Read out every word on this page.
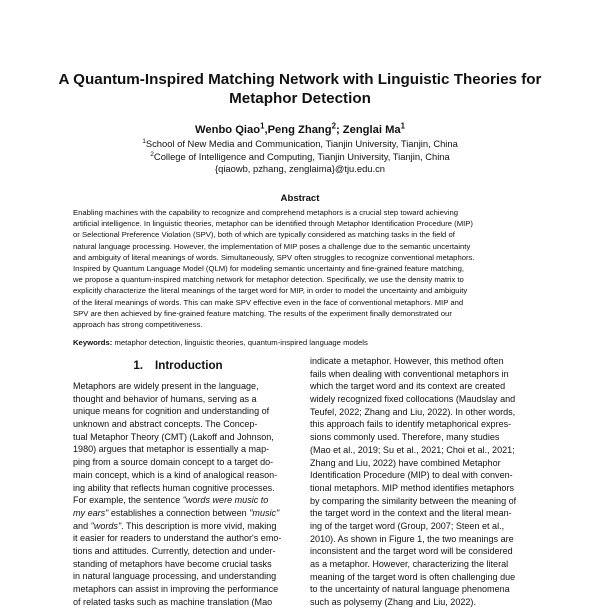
A Quantum-Inspired Matching Network with Linguistic Theories for
Metaphor Detection
Wenbo Qiao$^1$,Peng Zhang$^2$; Zenglai Ma$^1$
$^1$School of New Media and Communication, Tianjin University, Tianjin, China
$^2$College of Intelligence and Computing, Tianjin University, Tianjin, China
{qiaowb, pzhang, zenglaima}@tju.edu.cn
Abstract
Enabling machines with the capability to recognize and comprehend metaphors is a crucial step toward achieving
artificial intelligence. In linguistic theories, metaphor can be identified through Metaphor Identification Procedure (MIP)
or Selectional Preference Violation (SPV), both of which are typically considered as matching tasks in the field of
natural language processing. However, the implementation of MIP poses a challenge due to the semantic uncertainty
and ambiguity of literal meanings of words. Simultaneously, SPV often struggles to recognize conventional metaphors.
Inspired by Quantum Language Model (QLM) for modeling semantic uncertainty and fine-grained feature matching,
we propose a quantum-inspired matching network for metaphor detection. Specifically, we use the density matrix to
explicitly characterize the literal meanings of the target word for MIP, in order to model the uncertainty and ambiguity
of the literal meanings of words. This can make SPV effective even in the face of conventional metaphors. MIP and
SPV are then achieved by fine-grained feature matching. The results of the experiment finally demonstrated our
approach has strong competitiveness.
Keywords: metaphor detection, linguistic theories, quantum-inspired language models
1. Introduction
Metaphors are widely present in the language,
thought and behavior of humans, serving as a
unique means for cognition and understanding of
unknown and abstract concepts. The Concep-
tual Metaphor Theory (CMT) (Lakoff and Johnson,
1980) argues that metaphor is essentially a map-
ping from a source domain concept to a target do-
main concept, which is a kind of analogical reason-
ing ability that reflects human cognitive processes.
For example, the sentence "words were music to
my ears" establishes a connection between "music"
and "words". This description is more vivid, making
it easier for readers to understand the author's emo-
tions and attitudes. Currently, detection and under-
standing of metaphors have become crucial tasks
in natural language processing, and understanding
metaphors can assist in improving the performance
of related tasks such as machine translation (Mao
indicate a metaphor. However, this method often
fails when dealing with conventional metaphors in
which the target word and its context are created
widely recognized fixed collocations (Maudslay and
Teufel, 2022; Zhang and Liu, 2022). In other words,
this approach fails to identify metaphorical expres-
sions commonly used. Therefore, many studies
(Mao et al., 2019; Su et al., 2021; Choi et al., 2021;
Zhang and Liu, 2022) have combined Metaphor
Identification Procedure (MIP) to deal with conven-
tional metaphors. MIP method identifies metaphors
by comparing the similarity between the meaning of
the target word in the context and the literal mean-
ing of the target word (Group, 2007; Steen et al.,
2010). As shown in Figure 1, the two meanings are
inconsistent and the target word will be considered
as a metaphor. However, characterizing the literal
meaning of the target word is often challenging due
to the uncertainty of natural language phenomena
such as polysemy (Zhang and Liu, 2022).
